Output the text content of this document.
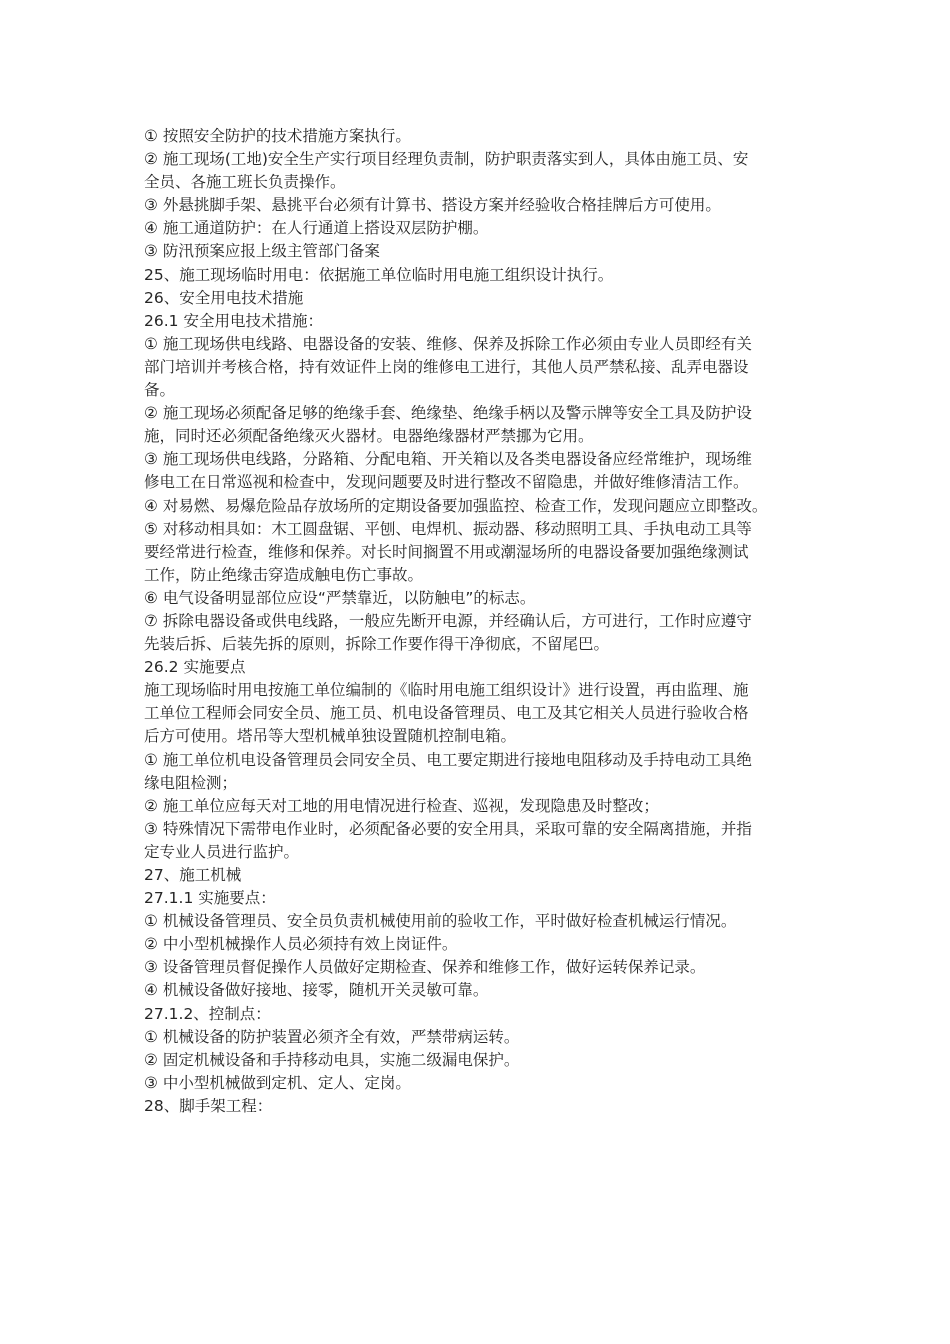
① 按照安全防护的技术措施方案执行。
② 施工现场(工地)安全生产实行项目经理负责制，防护职责落实到人，具体由施工员、安
全员、各施工班长负责操作。
③ 外悬挑脚手架、悬挑平台必须有计算书、搭设方案并经验收合格挂牌后方可使用。
④ 施工通道防护：在人行通道上搭设双层防护棚。
③ 防汛预案应报上级主管部门备案
25、施工现场临时用电：依据施工单位临时用电施工组织设计执行。
26、安全用电技术措施
26.1 安全用电技术措施：
① 施工现场供电线路、电器设备的安装、维修、保养及拆除工作必须由专业人员即经有关
部门培训并考核合格，持有效证件上岗的维修电工进行，其他人员严禁私接、乱弄电器设
备。
② 施工现场必须配备足够的绝缘手套、绝缘垫、绝缘手柄以及警示牌等安全工具及防护设
施，同时还必须配备绝缘灭火器材。电器绝缘器材严禁挪为它用。
③ 施工现场供电线路，分路箱、分配电箱、开关箱以及各类电器设备应经常维护，现场维
修电工在日常巡视和检查中，发现问题要及时进行整改不留隐患，并做好维修清洁工作。
④ 对易燃、易爆危险品存放场所的定期设备要加强监控、检查工作，发现问题应立即整改。
⑤ 对移动相具如：木工圆盘锯、平刨、电焊机、振动器、移动照明工具、手执电动工具等
要经常进行检查，维修和保养。对长时间搁置不用或潮湿场所的电器设备要加强绝缘测试
工作，防止绝缘击穿造成触电伤亡事故。
⑥ 电气设备明显部位应设“严禁靠近，以防触电”的标志。
⑦ 拆除电器设备或供电线路，一般应先断开电源，并经确认后，方可进行，工作时应遵守
先装后拆、后装先拆的原则，拆除工作要作得干净彻底，不留尾巴。
26.2 实施要点
施工现场临时用电按施工单位编制的《临时用电施工组织设计》进行设置，再由监理、施
工单位工程师会同安全员、施工员、机电设备管理员、电工及其它相关人员进行验收合格
后方可使用。塔吊等大型机械单独设置随机控制电箱。
① 施工单位机电设备管理员会同安全员、电工要定期进行接地电阻移动及手持电动工具绝
缘电阻检测；
② 施工单位应每天对工地的用电情况进行检查、巡视，发现隐患及时整改；
③ 特殊情况下需带电作业时，必须配备必要的安全用具，采取可靠的安全隔离措施，并指
定专业人员进行监护。
27、施工机械
27.1.1 实施要点：
① 机械设备管理员、安全员负责机械使用前的验收工作，平时做好检查机械运行情况。
② 中小型机械操作人员必须持有效上岗证件。
③ 设备管理员督促操作人员做好定期检查、保养和维修工作，做好运转保养记录。
④ 机械设备做好接地、接零，随机开关灵敏可靠。
27.1.2、控制点：
① 机械设备的防护装置必须齐全有效，严禁带病运转。
② 固定机械设备和手持移动电具，实施二级漏电保护。
③ 中小型机械做到定机、定人、定岗。
28、脚手架工程：
